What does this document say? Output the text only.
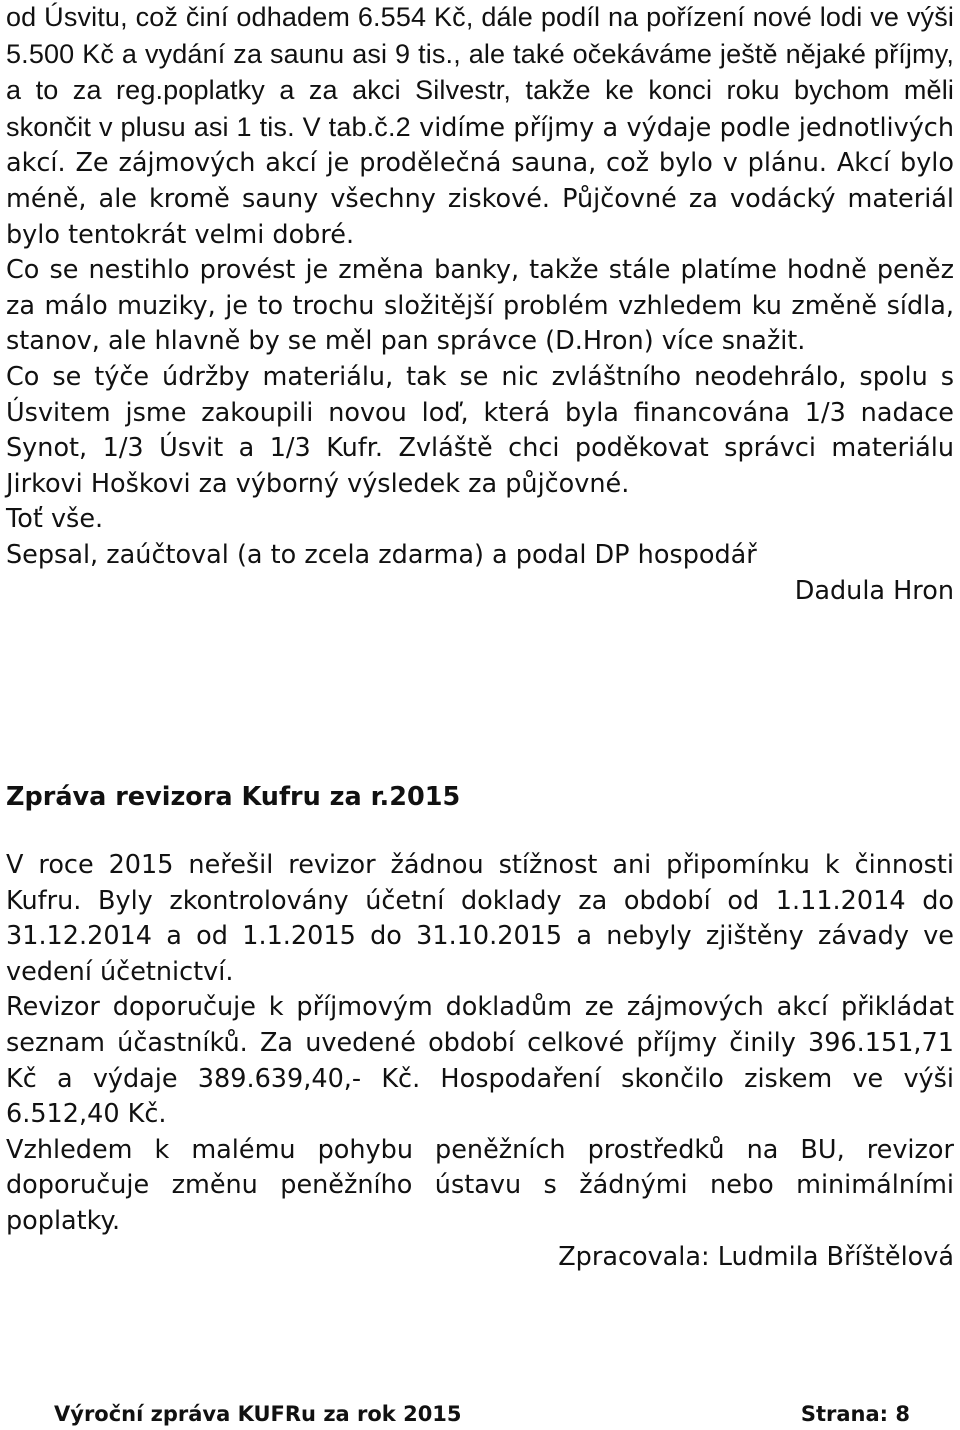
od Úsvitu, což činí odhadem 6.554 Kč, dále podíl na pořízení nové lodi ve výši 5.500 Kč a vydání za saunu asi 9 tis., ale také očekáváme ještě nějaké příjmy, a to za reg.poplatky a za akci Silvestr, takže ke konci roku bychom měli skončit v plusu asi 1 tis. V tab.č.2 vidíme příjmy a výdaje podle jednotlivých akcí. Ze zájmových akcí je prodělečná sauna, což bylo v plánu. Akcí bylo méně, ale kromě sauny všechny ziskové. Půjčovné za vodácký materiál bylo tentokrát velmi dobré.

Co se nestihlo provést je změna banky, takže stále platíme hodně peněz za málo muziky, je to trochu složitější problém vzhledem ku změně sídla, stanov, ale hlavně by se měl pan správce (D.Hron) více snažit.

Co se týče údržby materiálu, tak se nic zvláštního neodehrálo, spolu s Úsvitem jsme zakoupili novou loď, která byla financována 1/3 nadace Synot, 1/3 Úsvit a 1/3 Kufr. Zvláště chci poděkovat správci materiálu Jirkovi Hoškovi za výborný výsledek za půjčovné.

Toť vše.

Sepsal, zaúčtoval (a to zcela zdarma) a podal DP hospodář

Dadula Hron

Zpráva revizora Kufru za r.2015

V roce 2015 neřešil revizor žádnou stížnost ani připomínku k činnosti Kufru. Byly zkontrolovány účetní doklady za období od 1.11.2014 do 31.12.2014 a od 1.1.2015 do 31.10.2015 a nebyly zjištěny závady ve vedení účetnictví.

Revizor doporučuje k příjmovým dokladům ze zájmových akcí přikládat seznam účastníků. Za uvedené období celkové příjmy činily 396.151,71 Kč a výdaje 389.639,40,- Kč. Hospodaření skončilo ziskem ve výši 6.512,40 Kč.

Vzhledem k malému pohybu peněžních prostředků na BU, revizor doporučuje změnu peněžního ústavu s žádnými nebo minimálními poplatky.

Zpracovala: Ludmila Bříštělová

Výroční zpráva KUFRu za rok 2015	Strana: 8
